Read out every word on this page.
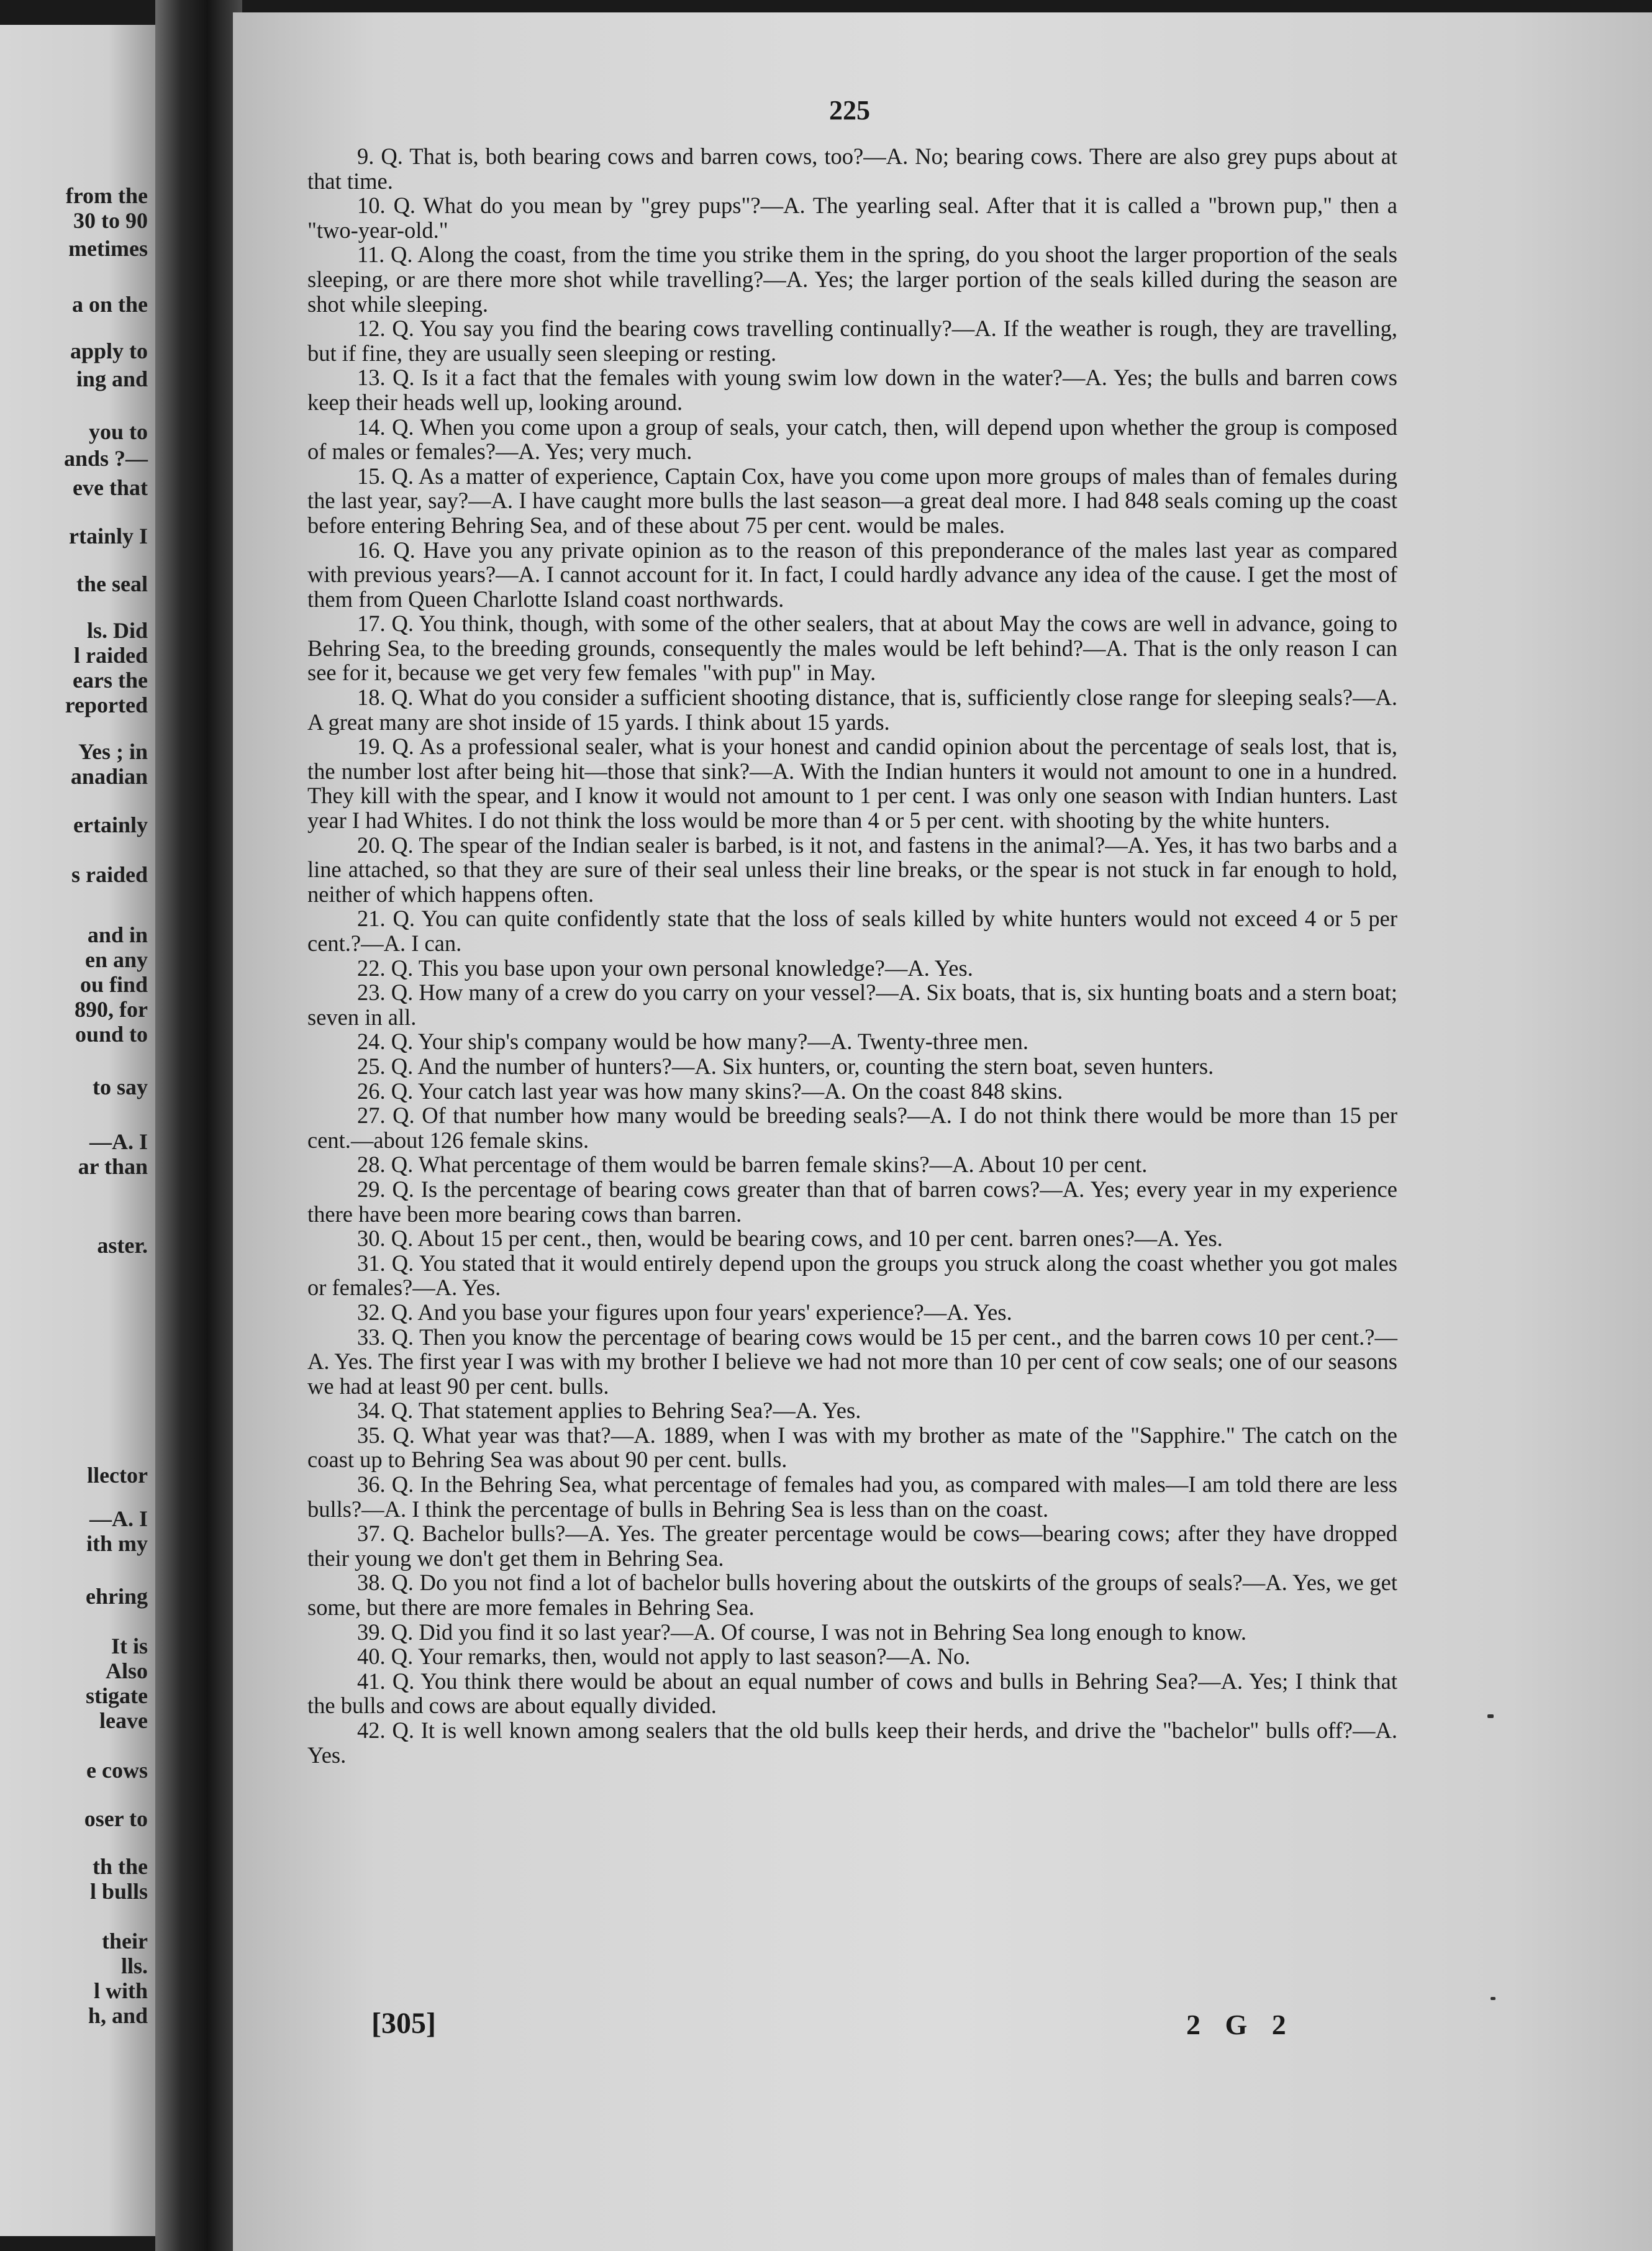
from the
30 to 90
metimes
a on the
apply to
ing and
you to
ands ?—
eve that
rtainly I
the seal
ls. Did
l raided
ears the
reported
Yes ; in
anadian
ertainly
s raided
and in
en any
ou find
890, for
ound to
to say
—A. I
ar than
aster.
llector
—A. I
ith my
ehring
It is
Also
stigate
leave
e cows
oser to
th the
l bulls
their
lls.
l with
h, and
225

9. Q. That is, both bearing cows and barren cows, too?—A. No; bearing cows. There are also grey pups about at that time.

10. Q. What do you mean by "grey pups"?—A. The yearling seal. After that it is called a "brown pup," then a "two-year-old."

11. Q. Along the coast, from the time you strike them in the spring, do you shoot the larger proportion of the seals sleeping, or are there more shot while travelling?—A. Yes; the larger portion of the seals killed during the season are shot while sleeping.

12. Q. You say you find the bearing cows travelling continually?—A. If the weather is rough, they are travelling, but if fine, they are usually seen sleeping or resting.

13. Q. Is it a fact that the females with young swim low down in the water?—A. Yes; the bulls and barren cows keep their heads well up, looking around.

14. Q. When you come upon a group of seals, your catch, then, will depend upon whether the group is composed of males or females?—A. Yes; very much.

15. Q. As a matter of experience, Captain Cox, have you come upon more groups of males than of females during the last year, say?—A. I have caught more bulls the last season—a great deal more. I had 848 seals coming up the coast before entering Behring Sea, and of these about 75 per cent. would be males.

16. Q. Have you any private opinion as to the reason of this preponderance of the males last year as compared with previous years?—A. I cannot account for it. In fact, I could hardly advance any idea of the cause. I get the most of them from Queen Charlotte Island coast northwards.

17. Q. You think, though, with some of the other sealers, that at about May the cows are well in advance, going to Behring Sea, to the breeding grounds, consequently the males would be left behind?—A. That is the only reason I can see for it, because we get very few females "with pup" in May.

18. Q. What do you consider a sufficient shooting distance, that is, sufficiently close range for sleeping seals?—A. A great many are shot inside of 15 yards. I think about 15 yards.

19. Q. As a professional sealer, what is your honest and candid opinion about the percentage of seals lost, that is, the number lost after being hit—those that sink?—A. With the Indian hunters it would not amount to one in a hundred. They kill with the spear, and I know it would not amount to 1 per cent. I was only one season with Indian hunters. Last year I had Whites. I do not think the loss would be more than 4 or 5 per cent. with shooting by the white hunters.

20. Q. The spear of the Indian sealer is barbed, is it not, and fastens in the animal?—A. Yes, it has two barbs and a line attached, so that they are sure of their seal unless their line breaks, or the spear is not stuck in far enough to hold, neither of which happens often.

21. Q. You can quite confidently state that the loss of seals killed by white hunters would not exceed 4 or 5 per cent.?—A. I can.

22. Q. This you base upon your own personal knowledge?—A. Yes.

23. Q. How many of a crew do you carry on your vessel?—A. Six boats, that is, six hunting boats and a stern boat; seven in all.

24. Q. Your ship's company would be how many?—A. Twenty-three men.

25. Q. And the number of hunters?—A. Six hunters, or, counting the stern boat, seven hunters.

26. Q. Your catch last year was how many skins?—A. On the coast 848 skins.

27. Q. Of that number how many would be breeding seals?—A. I do not think there would be more than 15 per cent.—about 126 female skins.

28. Q. What percentage of them would be barren female skins?—A. About 10 per cent.

29. Q. Is the percentage of bearing cows greater than that of barren cows?—A. Yes; every year in my experience there have been more bearing cows than barren.

30. Q. About 15 per cent., then, would be bearing cows, and 10 per cent. barren ones?—A. Yes.

31. Q. You stated that it would entirely depend upon the groups you struck along the coast whether you got males or females?—A. Yes.

32. Q. And you base your figures upon four years' experience?—A. Yes.

33. Q. Then you know the percentage of bearing cows would be 15 per cent., and the barren cows 10 per cent.?—A. Yes. The first year I was with my brother I believe we had not more than 10 per cent of cow seals; one of our seasons we had at least 90 per cent. bulls.

34. Q. That statement applies to Behring Sea?—A. Yes.

35. Q. What year was that?—A. 1889, when I was with my brother as mate of the "Sapphire." The catch on the coast up to Behring Sea was about 90 per cent. bulls.

36. Q. In the Behring Sea, what percentage of females had you, as compared with males—I am told there are less bulls?—A. I think the percentage of bulls in Behring Sea is less than on the coast.

37. Q. Bachelor bulls?—A. Yes. The greater percentage would be cows—bearing cows; after they have dropped their young we don't get them in Behring Sea.

38. Q. Do you not find a lot of bachelor bulls hovering about the outskirts of the groups of seals?—A. Yes, we get some, but there are more females in Behring Sea.

39. Q. Did you find it so last year?—A. Of course, I was not in Behring Sea long enough to know.

40. Q. Your remarks, then, would not apply to last season?—A. No.

41. Q. You think there would be about an equal number of cows and bulls in Behring Sea?—A. Yes; I think that the bulls and cows are about equally divided.

42. Q. It is well known among sealers that the old bulls keep their herds, and drive the "bachelor" bulls off?—A. Yes.

[305]	2 G 2
